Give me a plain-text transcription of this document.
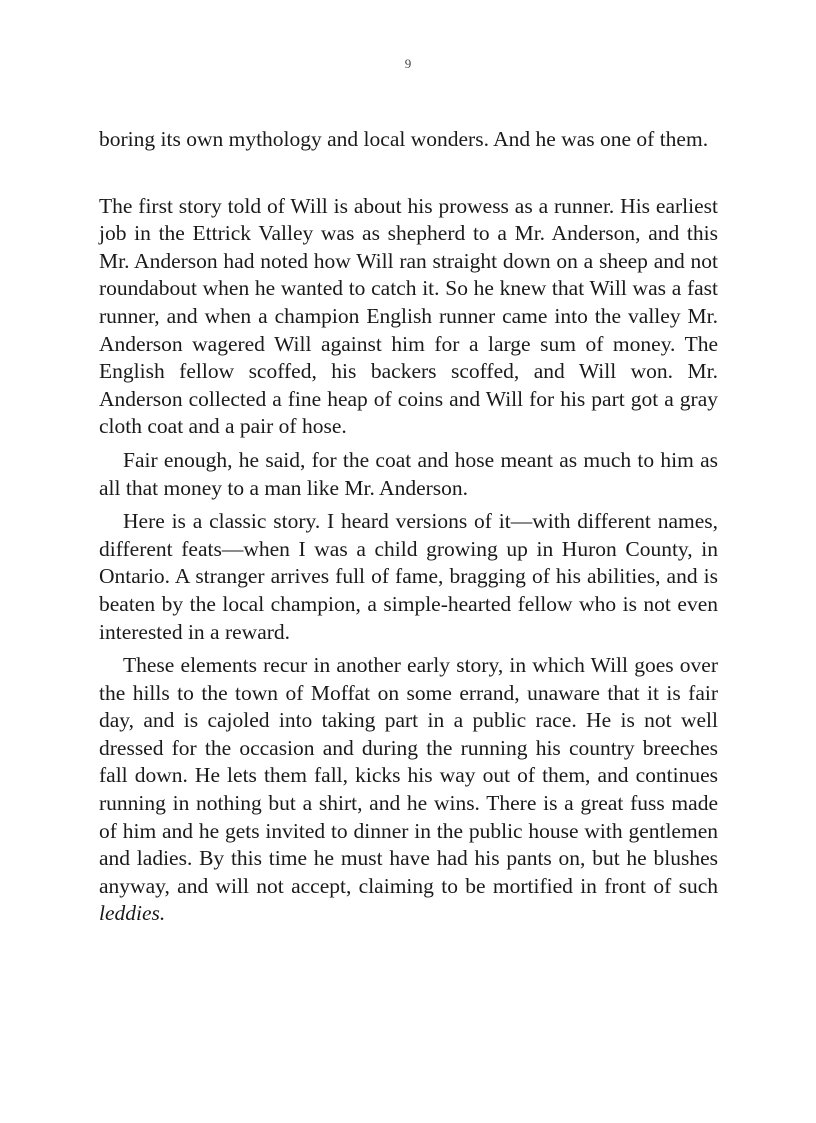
9

boring its own mythology and local wonders. And he was one of them.

The first story told of Will is about his prowess as a runner. His earliest job in the Ettrick Valley was as shepherd to a Mr. Anderson, and this Mr. Anderson had noted how Will ran straight down on a sheep and not roundabout when he wanted to catch it. So he knew that Will was a fast runner, and when a champion English runner came into the valley Mr. Anderson wagered Will against him for a large sum of money. The English fellow scoffed, his backers scoffed, and Will won. Mr. Anderson collected a fine heap of coins and Will for his part got a gray cloth coat and a pair of hose.

Fair enough, he said, for the coat and hose meant as much to him as all that money to a man like Mr. Anderson.

Here is a classic story. I heard versions of it—with different names, different feats—when I was a child growing up in Huron County, in Ontario. A stranger arrives full of fame, bragging of his abilities, and is beaten by the local champion, a simple-hearted fellow who is not even interested in a reward.

These elements recur in another early story, in which Will goes over the hills to the town of Moffat on some errand, unaware that it is fair day, and is cajoled into taking part in a public race. He is not well dressed for the occasion and during the running his country breeches fall down. He lets them fall, kicks his way out of them, and continues running in nothing but a shirt, and he wins. There is a great fuss made of him and he gets invited to dinner in the public house with gentlemen and ladies. By this time he must have had his pants on, but he blushes anyway, and will not accept, claiming to be mortified in front of such leddies.
